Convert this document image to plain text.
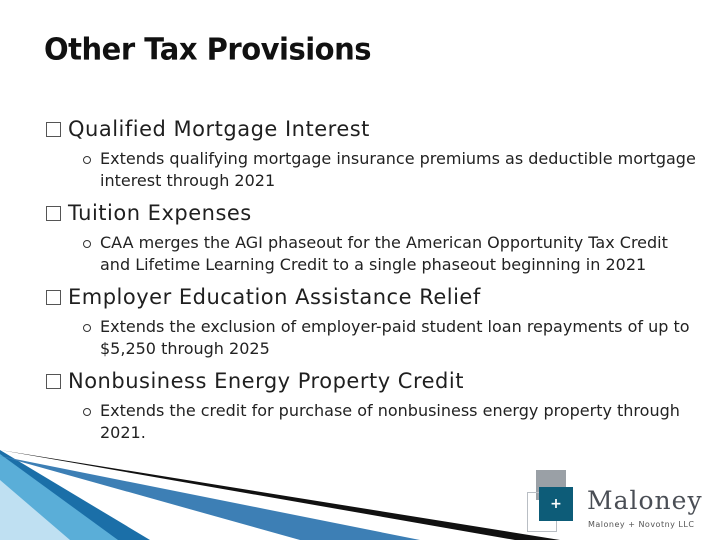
Other Tax Provisions
Qualified Mortgage Interest
Extends qualifying mortgage insurance premiums as deductible mortgage interest through 2021
Tuition Expenses
CAA merges the AGI phaseout for the American Opportunity Tax Credit and Lifetime Learning Credit to a single phaseout beginning in 2021
Employer Education Assistance Relief
Extends the exclusion of employer-paid student loan repayments of up to $5,250 through 2025
Nonbusiness Energy Property Credit
Extends the credit for purchase of nonbusiness energy property through 2021.
+	Maloney
Maloney + Novotny LLC
